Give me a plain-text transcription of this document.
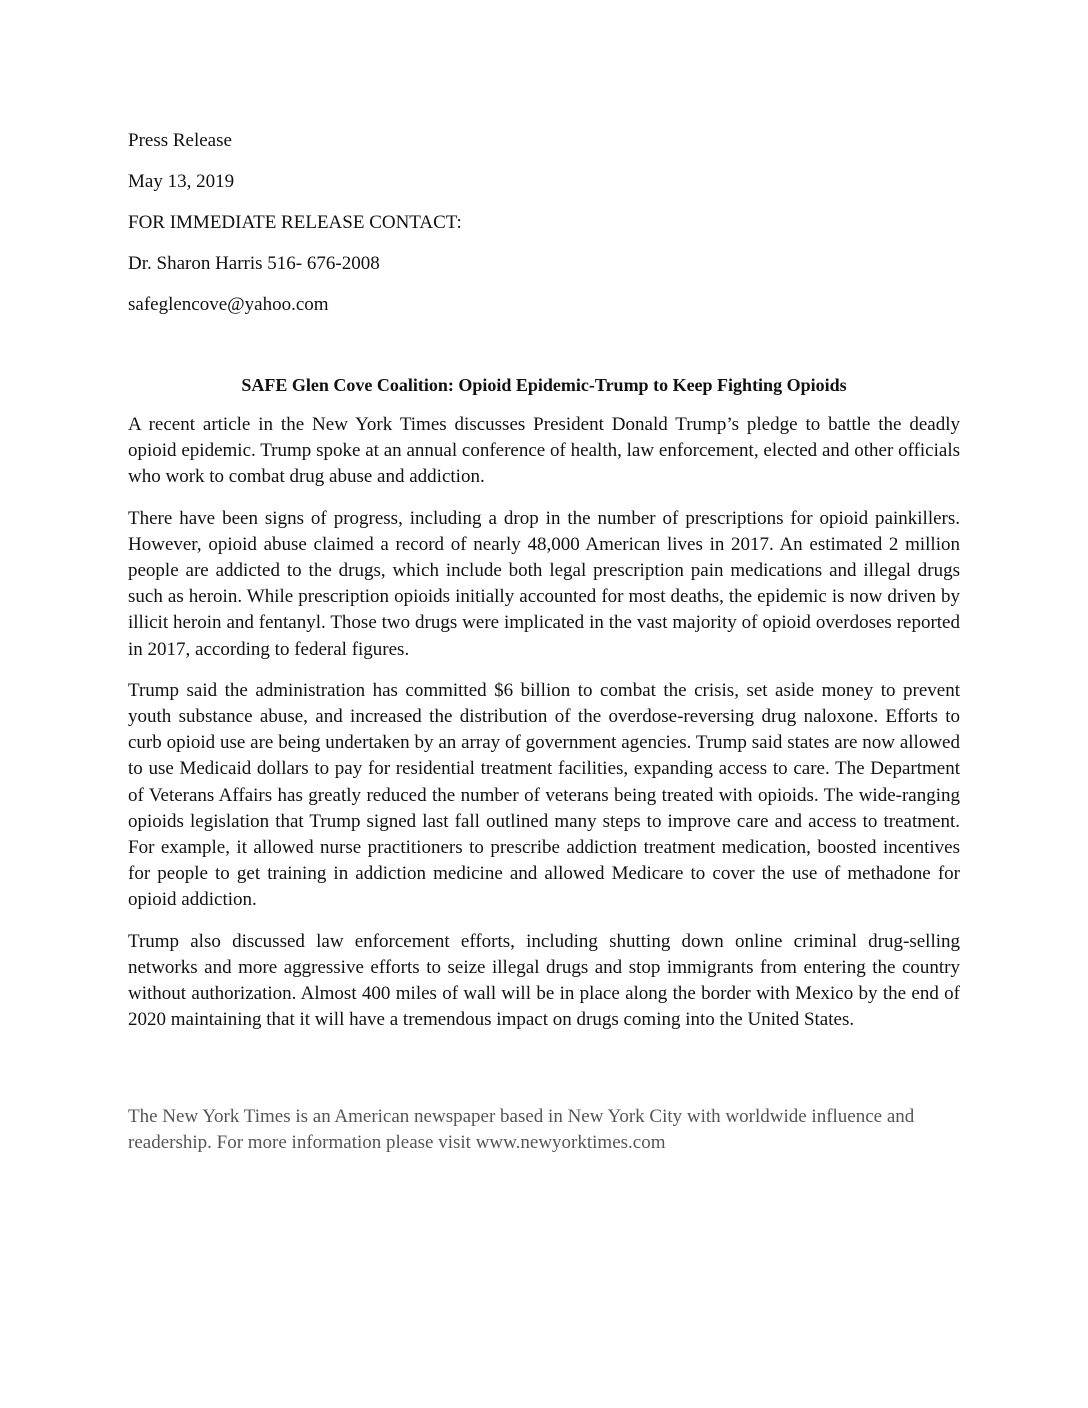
Press Release

May 13, 2019

FOR IMMEDIATE RELEASE CONTACT:

Dr. Sharon Harris 516- 676-2008

safeglencove@yahoo.com

SAFE Glen Cove Coalition: Opioid Epidemic-Trump to Keep Fighting Opioids

A recent article in the New York Times discusses President Donald Trump’s pledge to battle the deadly opioid epidemic. Trump spoke at an annual conference of health, law enforcement, elected and other officials who work to combat drug abuse and addiction.

There have been signs of progress, including a drop in the number of prescriptions for opioid painkillers. However, opioid abuse claimed a record of nearly 48,000 American lives in 2017. An estimated 2 million people are addicted to the drugs, which include both legal prescription pain medications and illegal drugs such as heroin. While prescription opioids initially accounted for most deaths, the epidemic is now driven by illicit heroin and fentanyl. Those two drugs were implicated in the vast majority of opioid overdoses reported in 2017, according to federal figures.

Trump said the administration has committed $6 billion to combat the crisis, set aside money to prevent youth substance abuse, and increased the distribution of the overdose-reversing drug naloxone. Efforts to curb opioid use are being undertaken by an array of government agencies. Trump said states are now allowed to use Medicaid dollars to pay for residential treatment facilities, expanding access to care. The Department of Veterans Affairs has greatly reduced the number of veterans being treated with opioids. The wide-ranging opioids legislation that Trump signed last fall outlined many steps to improve care and access to treatment. For example, it allowed nurse practitioners to prescribe addiction treatment medication, boosted incentives for people to get training in addiction medicine and allowed Medicare to cover the use of methadone for opioid addiction.

Trump also discussed law enforcement efforts, including shutting down online criminal drug-selling networks and more aggressive efforts to seize illegal drugs and stop immigrants from entering the country without authorization. Almost 400 miles of wall will be in place along the border with Mexico by the end of 2020 maintaining that it will have a tremendous impact on drugs coming into the United States.

The New York Times is an American newspaper based in New York City with worldwide influence and readership. For more information please visit www.newyorktimes.com
